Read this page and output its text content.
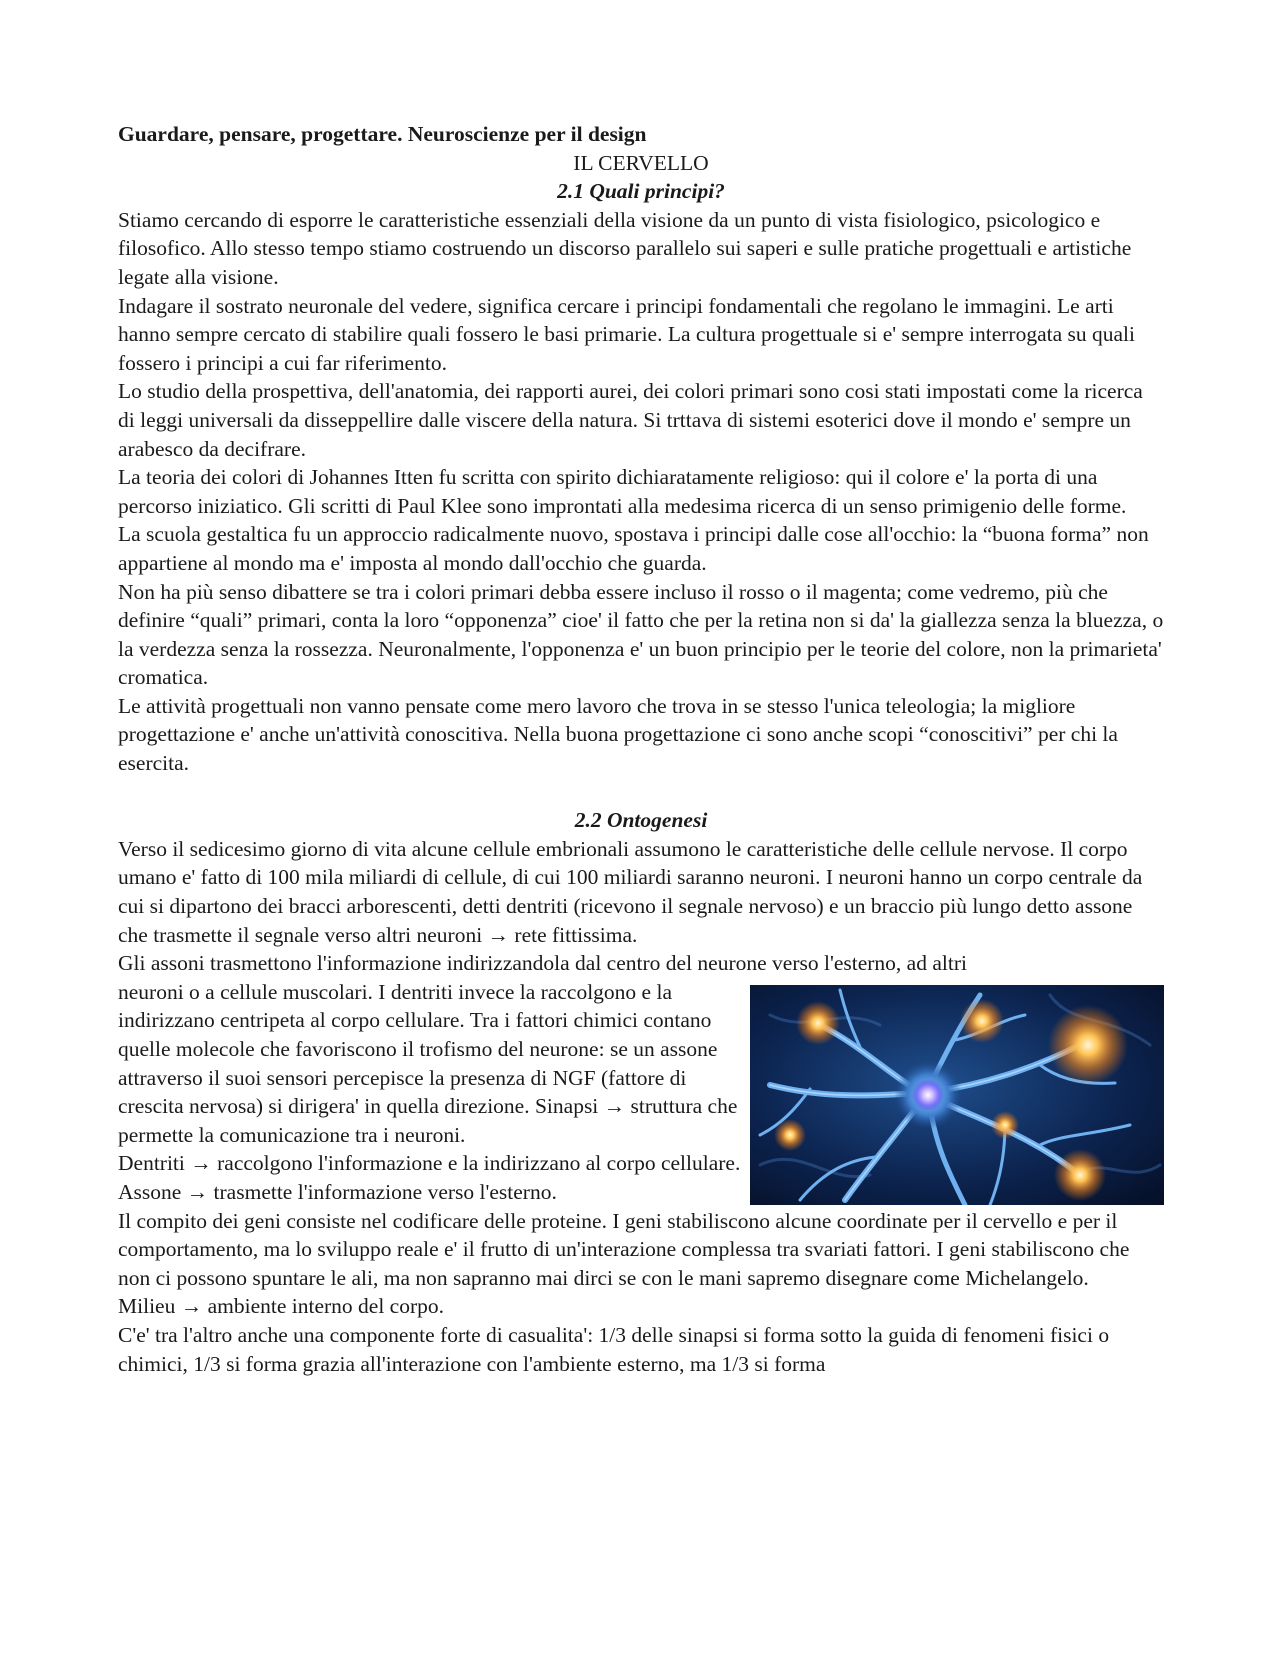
Guardare, pensare, progettare. Neuroscienze per il design

IL CERVELLO

2.1 Quali principi?

Stiamo cercando di esporre le caratteristiche essenziali della visione da un punto di vista fisiologico, psicologico e filosofico. Allo stesso tempo stiamo costruendo un discorso parallelo sui saperi e sulle pratiche progettuali e artistiche legate alla visione.

Indagare il sostrato neuronale del vedere, significa cercare i principi fondamentali che regolano le immagini. Le arti hanno sempre cercato di stabilire quali fossero le basi primarie. La cultura progettuale si e' sempre interrogata su quali fossero i principi a cui far riferimento.

Lo studio della prospettiva, dell'anatomia, dei rapporti aurei, dei colori primari sono cosi stati impostati come la ricerca di leggi universali da disseppellire dalle viscere della natura. Si trttava di sistemi esoterici dove il mondo e' sempre un arabesco da decifrare.

La teoria dei colori di Johannes Itten fu scritta con spirito dichiaratamente religioso: qui il colore e' la porta di una percorso iniziatico. Gli scritti di Paul Klee sono improntati alla medesima ricerca di un senso primigenio delle forme.

La scuola gestaltica fu un approccio radicalmente nuovo, spostava i principi dalle cose all'occhio: la “buona forma” non appartiene al mondo ma e' imposta al mondo dall'occhio che guarda.

Non ha più senso dibattere se tra i colori primari debba essere incluso il rosso o il magenta; come vedremo, più che definire “quali” primari, conta la loro “opponenza” cioe' il fatto che per la retina non si da' la giallezza senza la bluezza, o la verdezza senza la rossezza. Neuronalmente, l'opponenza e' un buon principio per le teorie del colore, non la primarieta' cromatica.

Le attività progettuali non vanno pensate come mero lavoro che trova in se stesso l'unica teleologia; la migliore progettazione e' anche un'attività conoscitiva. Nella buona progettazione ci sono anche scopi “conoscitivi” per chi la esercita.

2.2 Ontogenesi

Verso il sedicesimo giorno di vita alcune cellule embrionali assumono le caratteristiche delle cellule nervose. Il corpo umano e' fatto di 100 mila miliardi di cellule, di cui 100 miliardi saranno neuroni. I neuroni hanno un corpo centrale da cui si dipartono dei bracci arborescenti, detti dentriti (ricevono il segnale nervoso) e un braccio più lungo detto assone che trasmette il segnale verso altri neuroni → rete fittissima.

Gli assoni trasmettono l'informazione indirizzandola dal centro del neurone verso l'esterno, ad altri

neuroni o a cellule muscolari. I dentriti invece la raccolgono e la indirizzano centripeta al corpo cellulare. Tra i fattori chimici contano quelle molecole che favoriscono il trofismo del neurone: se un assone attraverso il suoi sensori percepisce la presenza di NGF (fattore di crescita nervosa) si dirigera' in quella direzione. Sinapsi → struttura che permette la comunicazione tra i neuroni.

Dentriti → raccolgono l'informazione e la indirizzano al corpo cellulare.

Assone → trasmette l'informazione verso l'esterno.

Il compito dei geni consiste nel codificare delle proteine. I geni stabiliscono alcune coordinate per il cervello e per il comportamento, ma lo sviluppo reale e' il frutto di un'interazione complessa tra svariati fattori. I geni stabiliscono che non ci possono spuntare le ali, ma non sapranno mai dirci se con le mani sapremo disegnare come Michelangelo.

Milieu → ambiente interno del corpo.

C'e' tra l'altro anche una componente forte di casualita': 1/3 delle sinapsi si forma sotto la guida di fenomeni fisici o chimici, 1/3 si forma grazia all'interazione con l'ambiente esterno, ma 1/3 si forma
